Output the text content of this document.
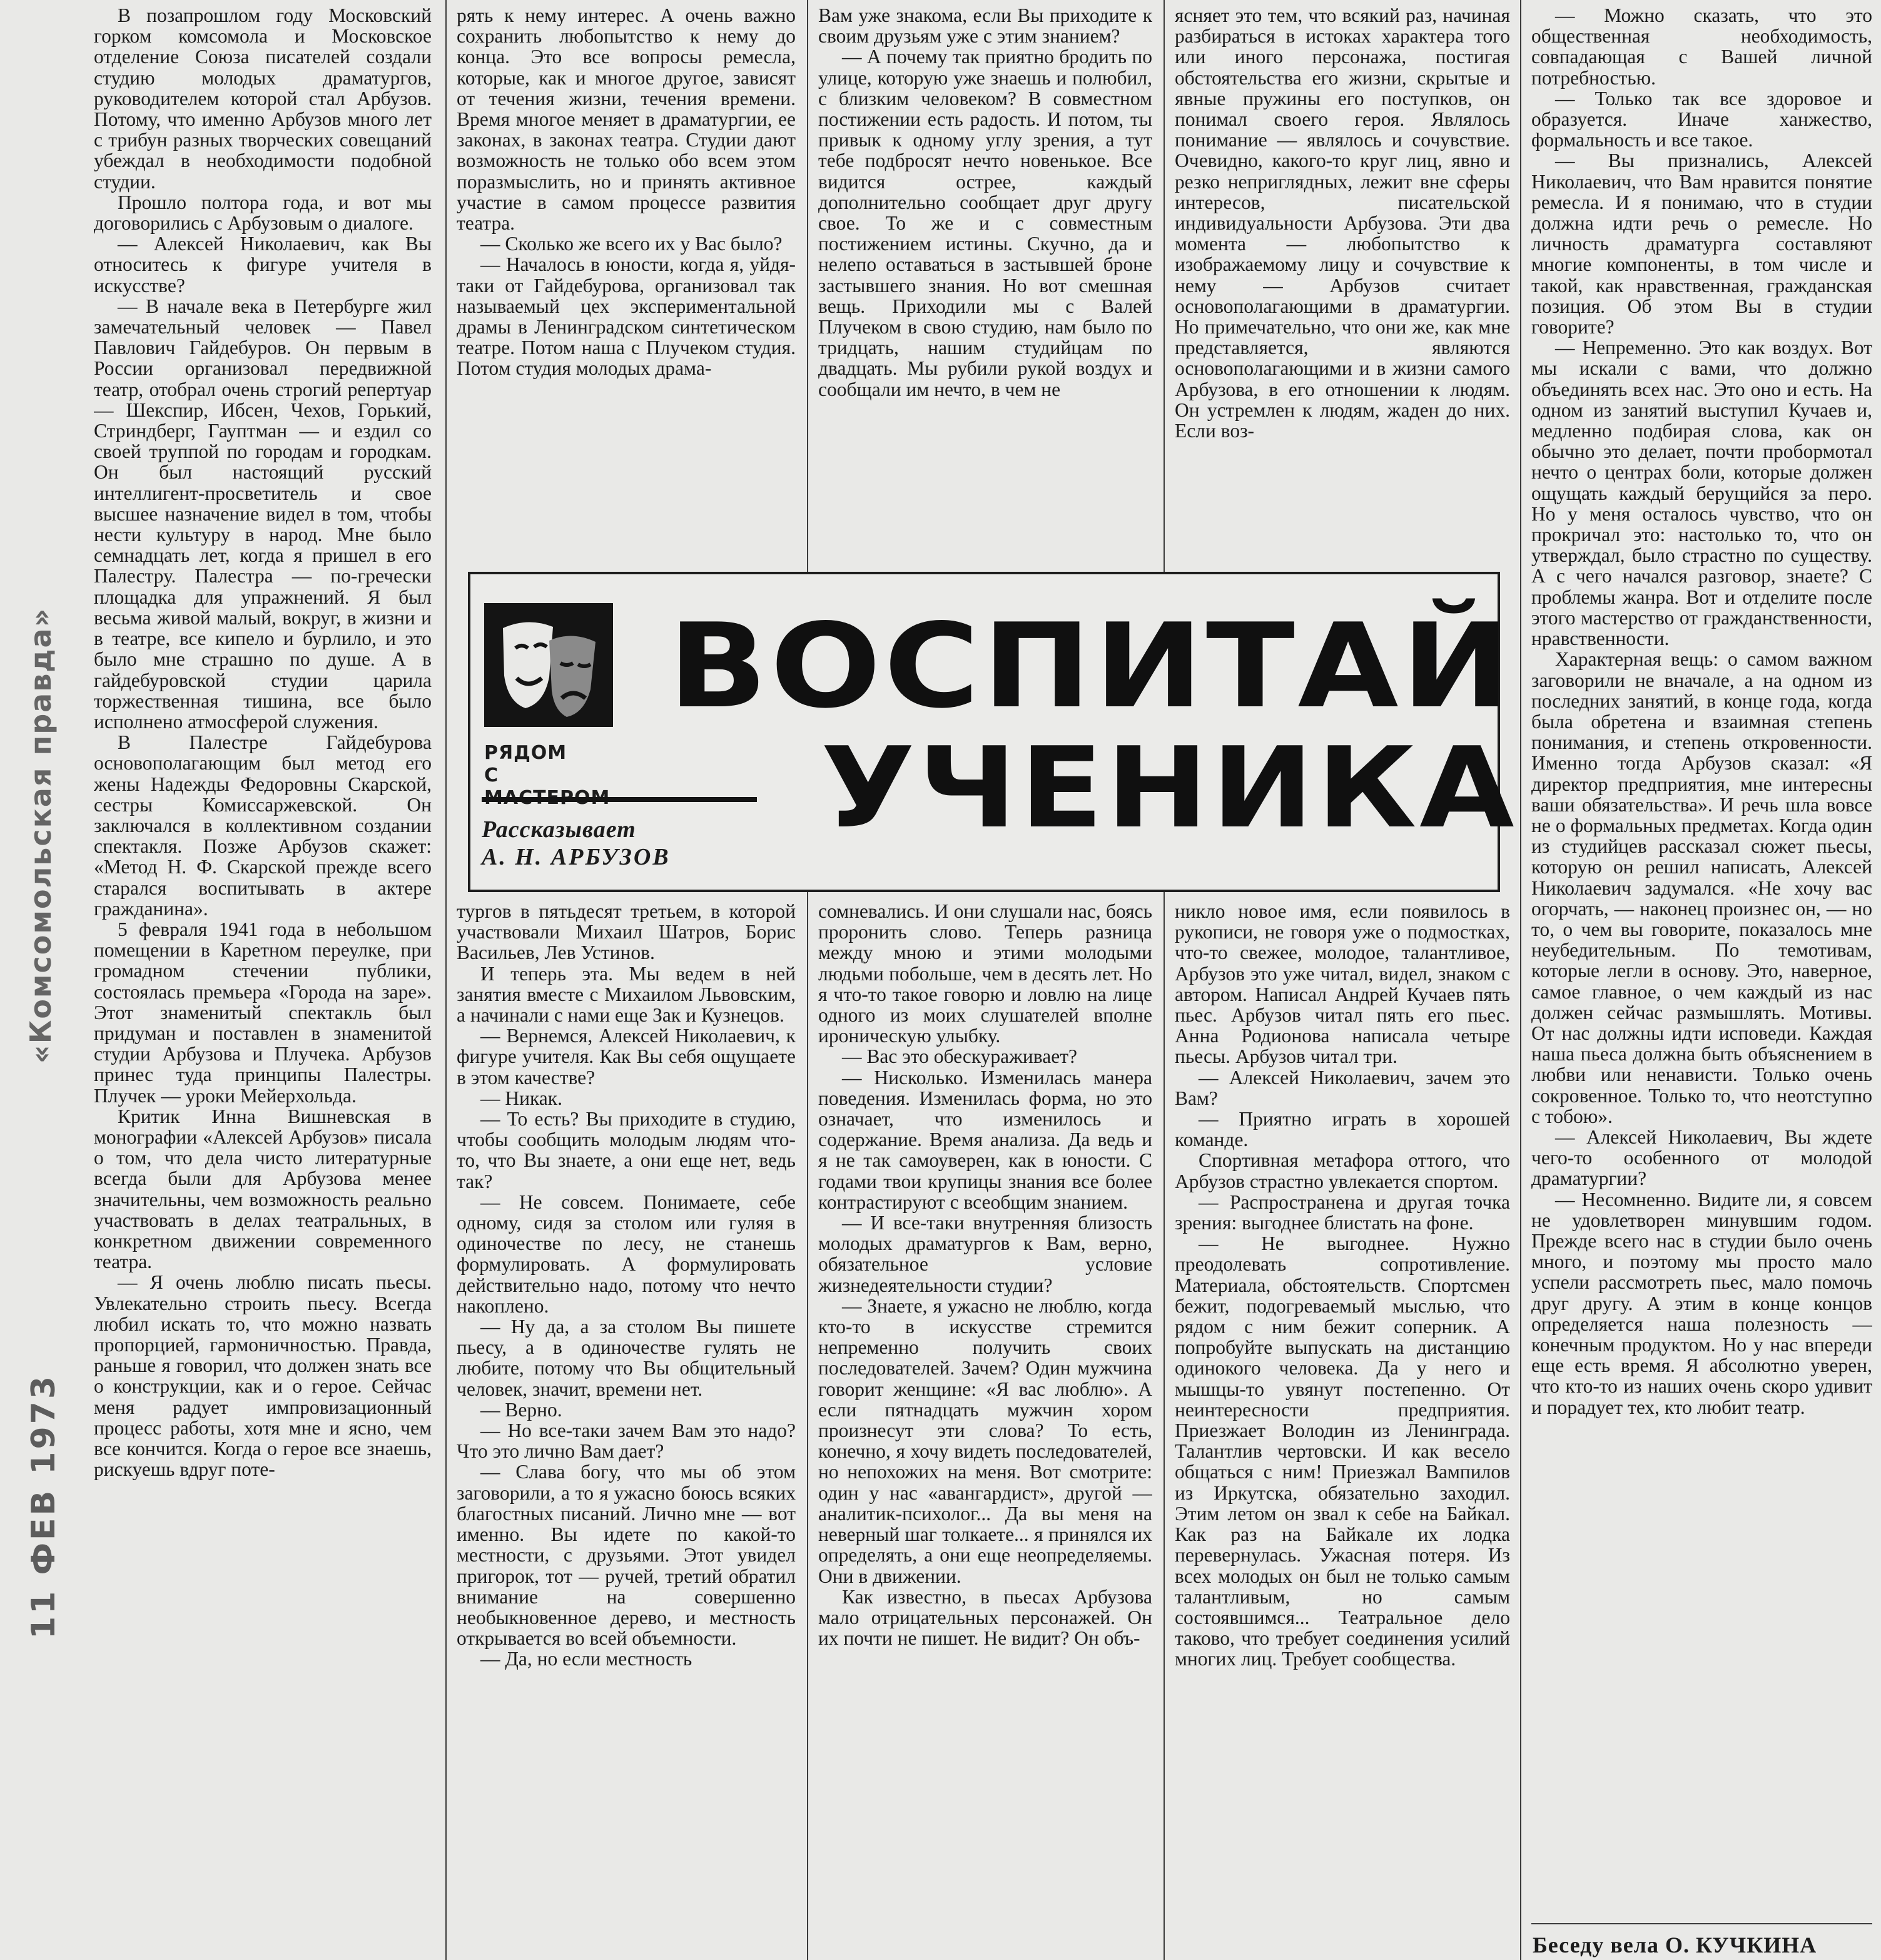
«Комсомольская правда»
11 ФЕВ 1973

В позапрошлом году Московский горком комсомола и Московское отделение Союза писателей создали студию молодых драматургов, руководителем которой стал Арбузов. Потому, что именно Арбузов много лет с трибун разных творческих совещаний убеждал в необходимости подобной студии.

Прошло полтора года, и вот мы договорились с Арбузовым о диалоге.

— Алексей Николаевич, как Вы относитесь к фигуре учителя в искусстве?

— В начале века в Петербурге жил замечательный человек — Павел Павлович Гайдебуров. Он первым в России организовал передвижной театр, отобрал очень строгий репертуар — Шекспир, Ибсен, Чехов, Горький, Стриндберг, Гауптман — и ездил со своей труппой по городам и городкам. Он был настоящий русский интеллигент-просветитель и свое высшее назначение видел в том, чтобы нести культуру в народ. Мне было семнадцать лет, когда я пришел в его Палестру. Палестра — по-гречески площадка для упражнений. Я был весьма живой малый, вокруг, в жизни и в театре, все кипело и бурлило, и это было мне страшно по душе. А в гайдебуровской студии царила торжественная тишина, все было исполнено атмосферой служения.

В Палестре Гайдебурова основополагающим был метод его жены Надежды Федоровны Скарской, сестры Комиссаржевской. Он заключался в коллективном создании спектакля. Позже Арбузов скажет: «Метод Н. Ф. Скарской прежде всего старался воспитывать в актере гражданина».

5 февраля 1941 года в небольшом помещении в Каретном переулке, при громадном стечении публики, состоялась премьера «Города на заре». Этот знаменитый спектакль был придуман и поставлен в знаменитой студии Арбузова и Плучека. Арбузов принес туда принципы Палестры. Плучек — уроки Мейерхольда.

Критик Инна Вишневская в монографии «Алексей Арбузов» писала о том, что дела чисто литературные всегда были для Арбузова менее значительны, чем возможность реально участвовать в делах театральных, в конкретном движении современного театра.

— Я очень люблю писать пьесы. Увлекательно строить пьесу. Всегда любил искать то, что можно назвать пропорцией, гармоничностью. Правда, раньше я говорил, что должен знать все о конструкции, как и о герое. Сейчас меня радует импровизационный процесс работы, хотя мне и ясно, чем все кончится. Когда о герое все знаешь, рискуешь вдруг поте-

рять к нему интерес. А очень важно сохранить любопытство к нему до конца. Это все вопросы ремесла, которые, как и многое другое, зависят от течения жизни, течения времени. Время многое меняет в драматургии, ее законах, в законах театра. Студии дают возможность не только обо всем этом поразмыслить, но и принять активное участие в самом процессе развития театра.

— Сколько же всего их у Вас было?

— Началось в юности, когда я, уйдя-таки от Гайдебурова, организовал так называемый цех экспериментальной драмы в Ленинградском синтетическом театре. Потом наша с Плучеком студия. Потом студия молодых драма-

Вам уже знакома, если Вы приходите к своим друзьям уже с этим знанием?

— А почему так приятно бродить по улице, которую уже знаешь и полюбил, с близким человеком? В совместном постижении есть радость. И потом, ты привык к одному углу зрения, а тут тебе подбросят нечто новенькое. Все видится острее, каждый дополнительно сообщает друг другу свое. То же и с совместным постижением истины. Скучно, да и нелепо оставаться в застывшей броне застывшего знания. Но вот смешная вещь. Приходили мы с Валей Плучеком в свою студию, нам было по тридцать, нашим студийцам по двадцать. Мы рубили рукой воздух и сообщали им нечто, в чем не

ясняет это тем, что всякий раз, начиная разбираться в истоках характера того или иного персонажа, постигая обстоятельства его жизни, скрытые и явные пружины его поступков, он понимал своего героя. Являлось понимание — являлось и сочувствие. Очевидно, какого-то круг лиц, явно и резко неприглядных, лежит вне сферы интересов, писательской индивидуальности Арбузова. Эти два момента — любопытство к изображаемому лицу и сочувствие к нему — Арбузов считает основополагающими в драматургии. Но примечательно, что они же, как мне представляется, являются основополагающими и в жизни самого Арбузова, в его отношении к людям. Он устремлен к людям, жаден до них. Если воз-

РЯДОМ
С
Рассказывает
А. Н. АРБУЗОВ
ВОСПИТАЙ
УЧЕНИКА

тургов в пятьдесят третьем, в которой участвовали Михаил Шатров, Борис Васильев, Лев Устинов.

И теперь эта. Мы ведем в ней занятия вместе с Михаилом Львовским, а начинали с нами еще Зак и Кузнецов.

— Вернемся, Алексей Николаевич, к фигуре учителя. Как Вы себя ощущаете в этом качестве?

— Никак.

— То есть? Вы приходите в студию, чтобы сообщить молодым людям что-то, что Вы знаете, а они еще нет, ведь так?

— Не совсем. Понимаете, себе одному, сидя за столом или гуляя в одиночестве по лесу, не станешь формулировать. А формулировать действительно надо, потому что нечто накоплено.

— Ну да, а за столом Вы пишете пьесу, а в одиночестве гулять не любите, потому что Вы общительный человек, значит, времени нет.

— Верно.

— Но все-таки зачем Вам это надо? Что это лично Вам дает?

— Слава богу, что мы об этом заговорили, а то я ужасно боюсь всяких благостных писаний. Лично мне — вот именно. Вы идете по какой-то местности, с друзьями. Этот увидел пригорок, тот — ручей, третий обратил внимание на совершенно необыкновенное дерево, и местность открывается во всей объемности.

— Да, но если местность

сомневались. И они слушали нас, боясь проронить слово. Теперь разница между мною и этими молодыми людьми побольше, чем в десять лет. Но я что-то такое говорю и ловлю на лице одного из моих слушателей вполне ироническую улыбку.

— Вас это обескураживает?

— Нисколько. Изменилась манера поведения. Изменилась форма, но это означает, что изменилось и содержание. Время анализа. Да ведь и я не так самоуверен, как в юности. С годами твои крупицы знания все более контрастируют с всеобщим знанием.

— И все-таки внутренняя близость молодых драматургов к Вам, верно, обязательное условие жизнедеятельности студии?

— Знаете, я ужасно не люблю, когда кто-то в искусстве стремится непременно получить своих последователей. Зачем? Один мужчина говорит женщине: «Я вас люблю». А если пятнадцать мужчин хором произнесут эти слова? То есть, конечно, я хочу видеть последователей, но непохожих на меня. Вот смотрите: один у нас «авангардист», другой — аналитик-психолог... Да вы меня на неверный шаг толкаете... я принялся их определять, а они еще неопределяемы. Они в движении.

Как известно, в пьесах Арбузова мало отрицательных персонажей. Он их почти не пишет. Не видит? Он объ-

никло новое имя, если появилось в рукописи, не говоря уже о подмостках, что-то свежее, молодое, талантливое, Арбузов это уже читал, видел, знаком с автором. Написал Андрей Кучаев пять пьес. Арбузов читал пять его пьес. Анна Родионова написала четыре пьесы. Арбузов читал три.

— Алексей Николаевич, зачем это Вам?

— Приятно играть в хорошей команде.

Спортивная метафора оттого, что Арбузов страстно увлекается спортом.

— Распространена и другая точка зрения: выгоднее блистать на фоне.

— Не выгоднее. Нужно преодолевать сопротивление. Материала, обстоятельств. Спортсмен бежит, подогреваемый мыслью, что рядом с ним бежит соперник. А попробуйте выпускать на дистанцию одинокого человека. Да у него и мышцы-то увянут постепенно. От неинтересности предприятия. Приезжает Володин из Ленинграда. Талантлив чертовски. И как весело общаться с ним! Приезжал Вампилов из Иркутска, обязательно заходил. Этим летом он звал к себе на Байкал. Как раз на Байкале их лодка перевернулась. Ужасная потеря. Из всех молодых он был не только самым талантливым, но самым состоявшимся... Театральное дело таково, что требует соединения усилий многих лиц. Требует сообщества.

— Можно сказать, что это общественная необходимость, совпадающая с Вашей личной потребностью.

— Только так все здоровое и образуется. Иначе ханжество, формальность и все такое.

— Вы признались, Алексей Николаевич, что Вам нравится понятие ремесла. И я понимаю, что в студии должна идти речь о ремесле. Но личность драматурга составляют многие компоненты, в том числе и такой, как нравственная, гражданская позиция. Об этом Вы в студии говорите?

— Непременно. Это как воздух. Вот мы искали с вами, что должно объединять всех нас. Это оно и есть. На одном из занятий выступил Кучаев и, медленно подбирая слова, как он обычно это делает, почти пробормотал нечто о центрах боли, которые должен ощущать каждый берущийся за перо. Но у меня осталось чувство, что он прокричал это: настолько то, что он утверждал, было страстно по существу. А с чего начался разговор, знаете? С проблемы жанра. Вот и отделите после этого мастерство от гражданственности, нравственности.

Характерная вещь: о самом важном заговорили не вначале, а на одном из последних занятий, в конце года, когда была обретена и взаимная степень понимания, и степень откровенности. Именно тогда Арбузов сказал: «Я директор предприятия, мне интересны ваши обязательства». И речь шла вовсе не о формальных предметах. Когда один из студийцев рассказал сюжет пьесы, которую он решил написать, Алексей Николаевич задумался. «Не хочу вас огорчать, — наконец произнес он, — но то, о чем вы говорите, показалось мне неубедительным. По темотивам, которые легли в основу. Это, наверное, самое главное, о чем каждый из нас должен сейчас размышлять. Мотивы. От нас должны идти исповеди. Каждая наша пьеса должна быть объяснением в любви или ненависти. Только очень сокровенное. Только то, что неотступно с тобою».

— Алексей Николаевич, Вы ждете чего-то особенного от молодой драматургии?

— Несомненно. Видите ли, я совсем не удовлетворен минувшим годом. Прежде всего нас в студии было очень много, и поэтому мы просто мало успели рассмотреть пьес, мало помочь друг другу. А этим в конце концов определяется наша полезность — конечным продуктом. Но у нас впереди еще есть время. Я абсолютно уверен, что кто-то из наших очень скоро удивит и порадует тех, кто любит театр.

Беседу вела О. КУЧКИНА
